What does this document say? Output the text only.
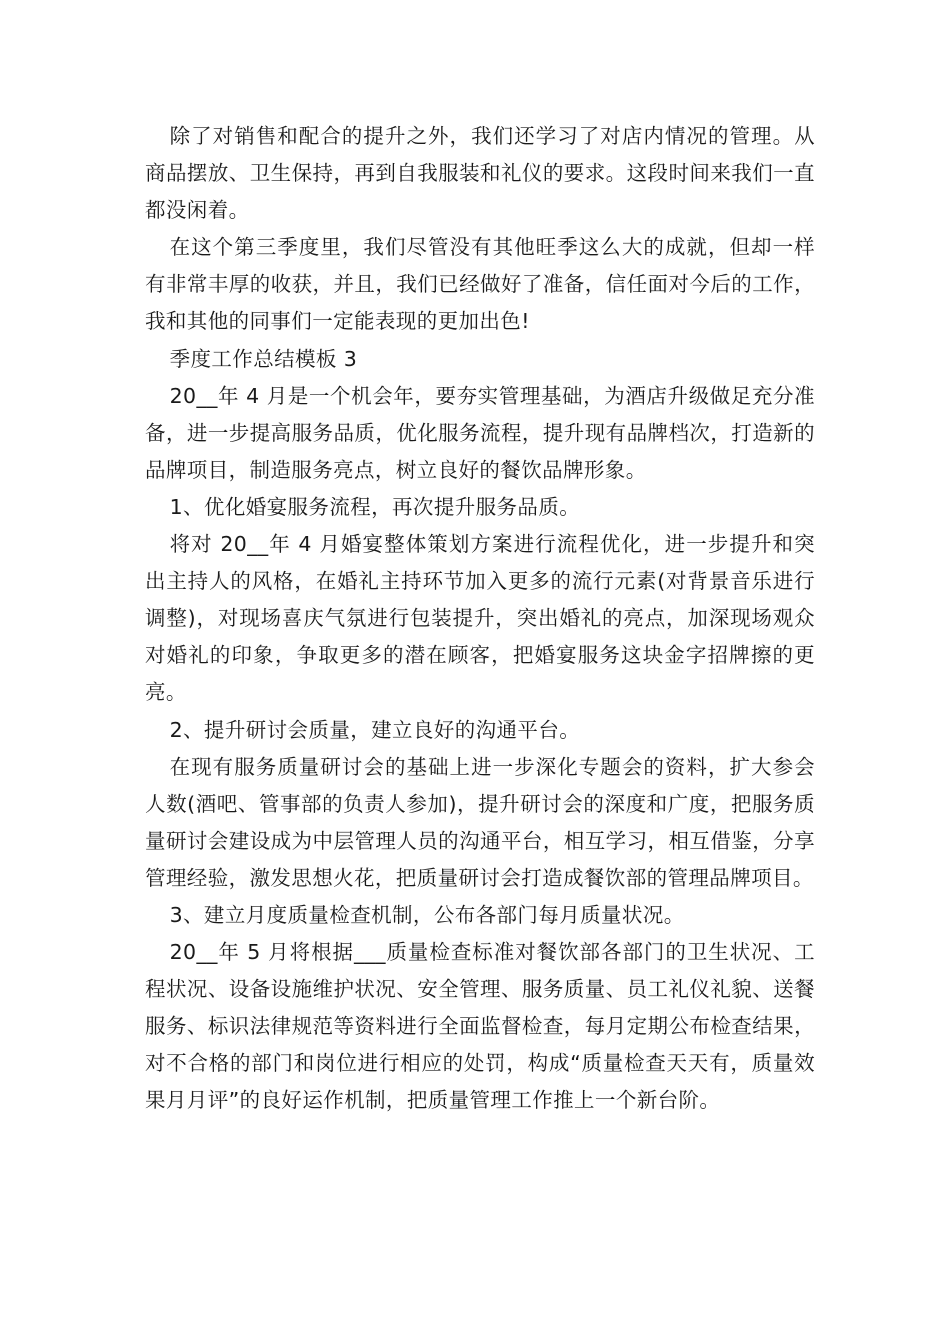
除了对销售和配合的提升之外，我们还学习了对店内情况的管理。从商品摆放、卫生保持，再到自我服装和礼仪的要求。这段时间来我们一直都没闲着。

在这个第三季度里，我们尽管没有其他旺季这么大的成就，但却一样有非常丰厚的收获，并且，我们已经做好了准备，信任面对今后的工作，我和其他的同事们一定能表现的更加出色!

季度工作总结模板 3

20__年 4 月是一个机会年，要夯实管理基础，为酒店升级做足充分准备，进一步提高服务品质，优化服务流程，提升现有品牌档次，打造新的品牌项目，制造服务亮点，树立良好的餐饮品牌形象。

1、优化婚宴服务流程，再次提升服务品质。

将对 20__年 4 月婚宴整体策划方案进行流程优化，进一步提升和突出主持人的风格，在婚礼主持环节加入更多的流行元素(对背景音乐进行调整)，对现场喜庆气氛进行包装提升，突出婚礼的亮点，加深现场观众对婚礼的印象，争取更多的潜在顾客，把婚宴服务这块金字招牌擦的更亮。

2、提升研讨会质量，建立良好的沟通平台。

在现有服务质量研讨会的基础上进一步深化专题会的资料，扩大参会人数(酒吧、管事部的负责人参加)，提升研讨会的深度和广度，把服务质量研讨会建设成为中层管理人员的沟通平台，相互学习，相互借鉴，分享管理经验，激发思想火花，把质量研讨会打造成餐饮部的管理品牌项目。

3、建立月度质量检查机制，公布各部门每月质量状况。

20__年 5 月将根据___质量检查标准对餐饮部各部门的卫生状况、工程状况、设备设施维护状况、安全管理、服务质量、员工礼仪礼貌、送餐服务、标识法律规范等资料进行全面监督检查，每月定期公布检查结果，对不合格的部门和岗位进行相应的处罚，构成“质量检查天天有，质量效果月月评”的良好运作机制，把质量管理工作推上一个新台阶。
